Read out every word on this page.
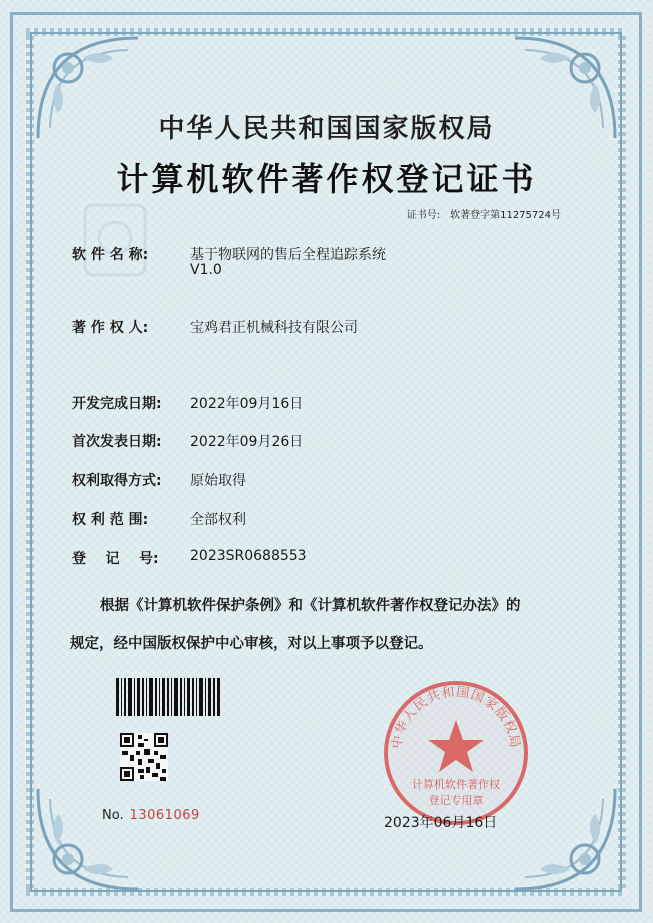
中华人民共和国国家版权局
计算机软件著作权登记证书
证书号: 软著登字第11275724号
软 件 名 称:	基于物联网的售后全程追踪系统
V1.0
著 作 权 人:	宝鸡君正机械科技有限公司
开发完成日期: 2022年09月16日
首次发表日期: 2022年09月26日
权利取得方式: 原始取得
权 利 范 围:	全部权利
登    记    号: 2023SR0688553
根据《计算机软件保护条例》和《计算机软件著作权登记办法》的
规定，经中国版权保护中心审核，对以上事项予以登记。
No. 13061069
中华人民共和国国家版权局
计算机软件著作权
登记专用章
2023年06月16日
